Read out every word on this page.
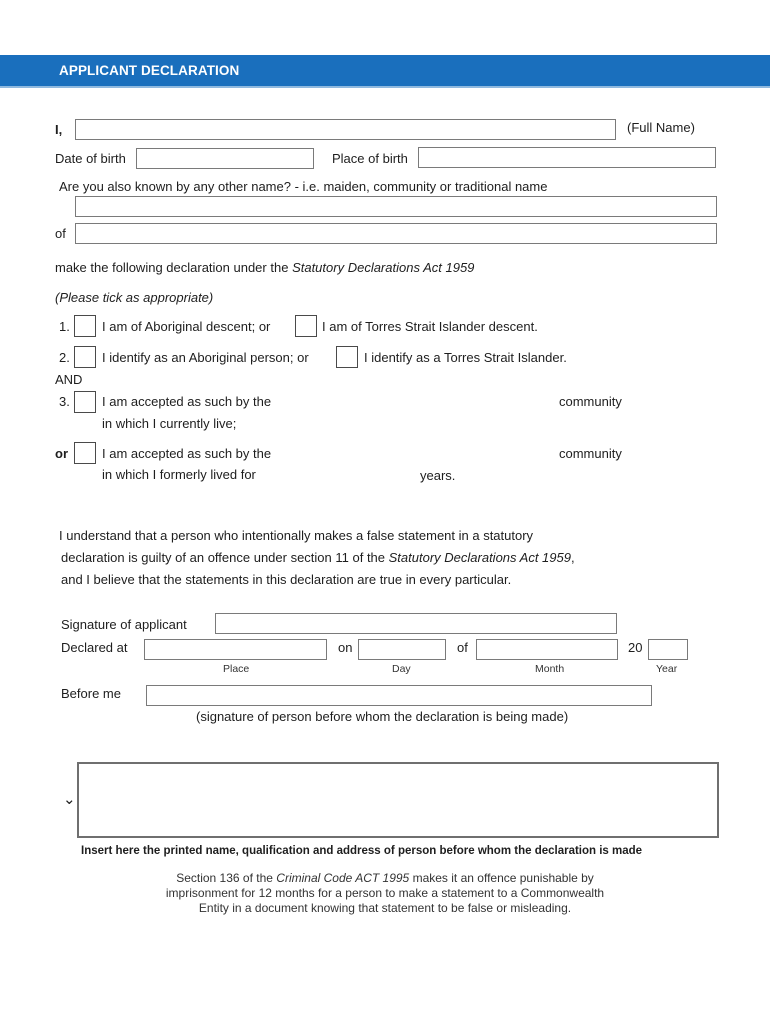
APPLICANT DECLARATION
I,	(Full Name)
Date of birth	Place of birth
Are you also known by any other name? - i.e. maiden, community or traditional name
of
make the following declaration under the Statutory Declarations Act 1959
(Please tick as appropriate)
1. I am of Aboriginal descent; or	I am of Torres Strait Islander descent.
2. I identify as an Aboriginal person; or	I identify as a Torres Strait Islander.
AND
3. I am accepted as such by the	community
in which I currently live;
or	I am accepted as such by the	community
in which I formerly lived for	years.
I understand that a person who intentionally makes a false statement in a statutory
declaration is guilty of an offence under section 11 of the Statutory Declarations Act 1959,
and I believe that the statements in this declaration are true in every particular.
Signature of applicant
Declared at	on	of	20
Place	Day	Month	Year
Before me
(signature of person before whom the declaration is being made)
⌄
Insert here the printed name, qualification and address of person before whom the declaration is made
Section 136 of the Criminal Code ACT 1995 makes it an offence punishable by
imprisonment for 12 months for a person to make a statement to a Commonwealth
Entity in a document knowing that statement to be false or misleading.
